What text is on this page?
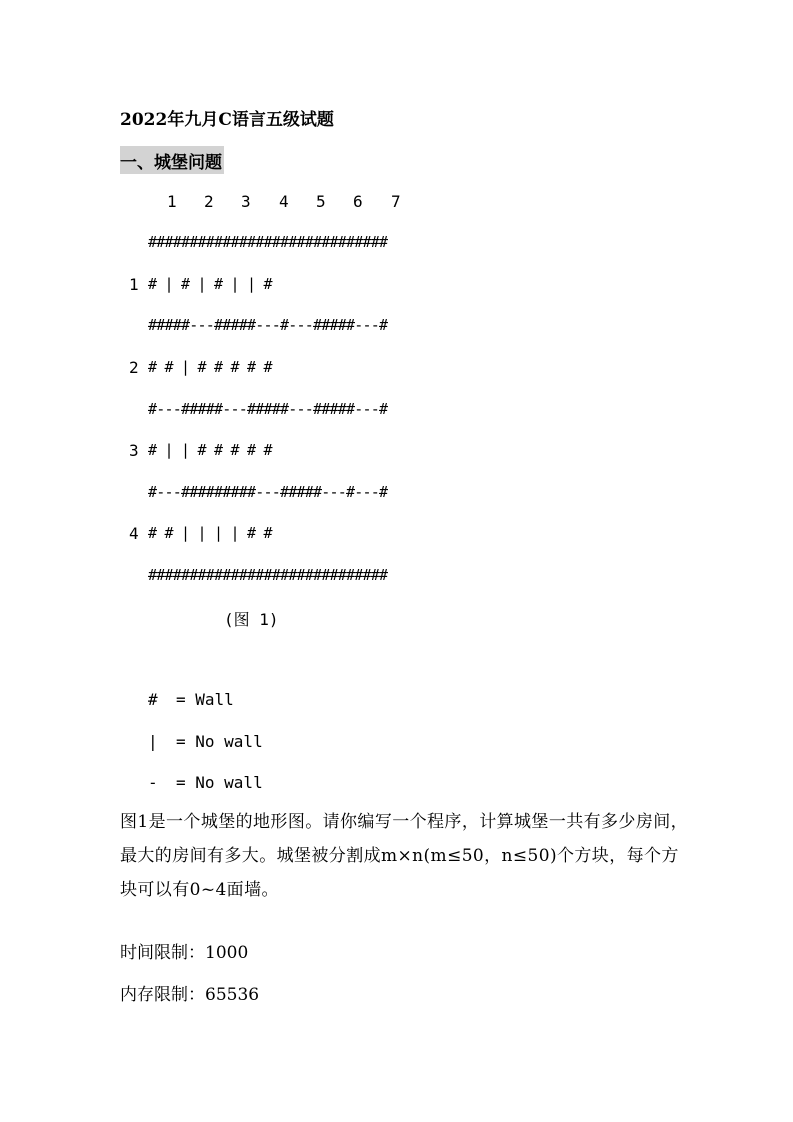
2022年九月C语言五级试题
一、城堡问题
1 2 3 4 5 6 7
#############################
# | # | # | | #
#####---#####---#---#####---#
# # | # # # # #
#---#####---#####---#####---#
# | | # # # # #
#---#########---#####---#---#
# # | | | | # #
#############################
1
2
3
4
(图 1)
# = Wall
| = No wall
- = No wall
图1是一个城堡的地形图。请你编写一个程序，计算城堡一共有多少房间，最大的房间有多大。城堡被分割成m×n(m≤50，n≤50)个方块，每个方块可以有0~4面墙。
时间限制：1000
内存限制：65536
